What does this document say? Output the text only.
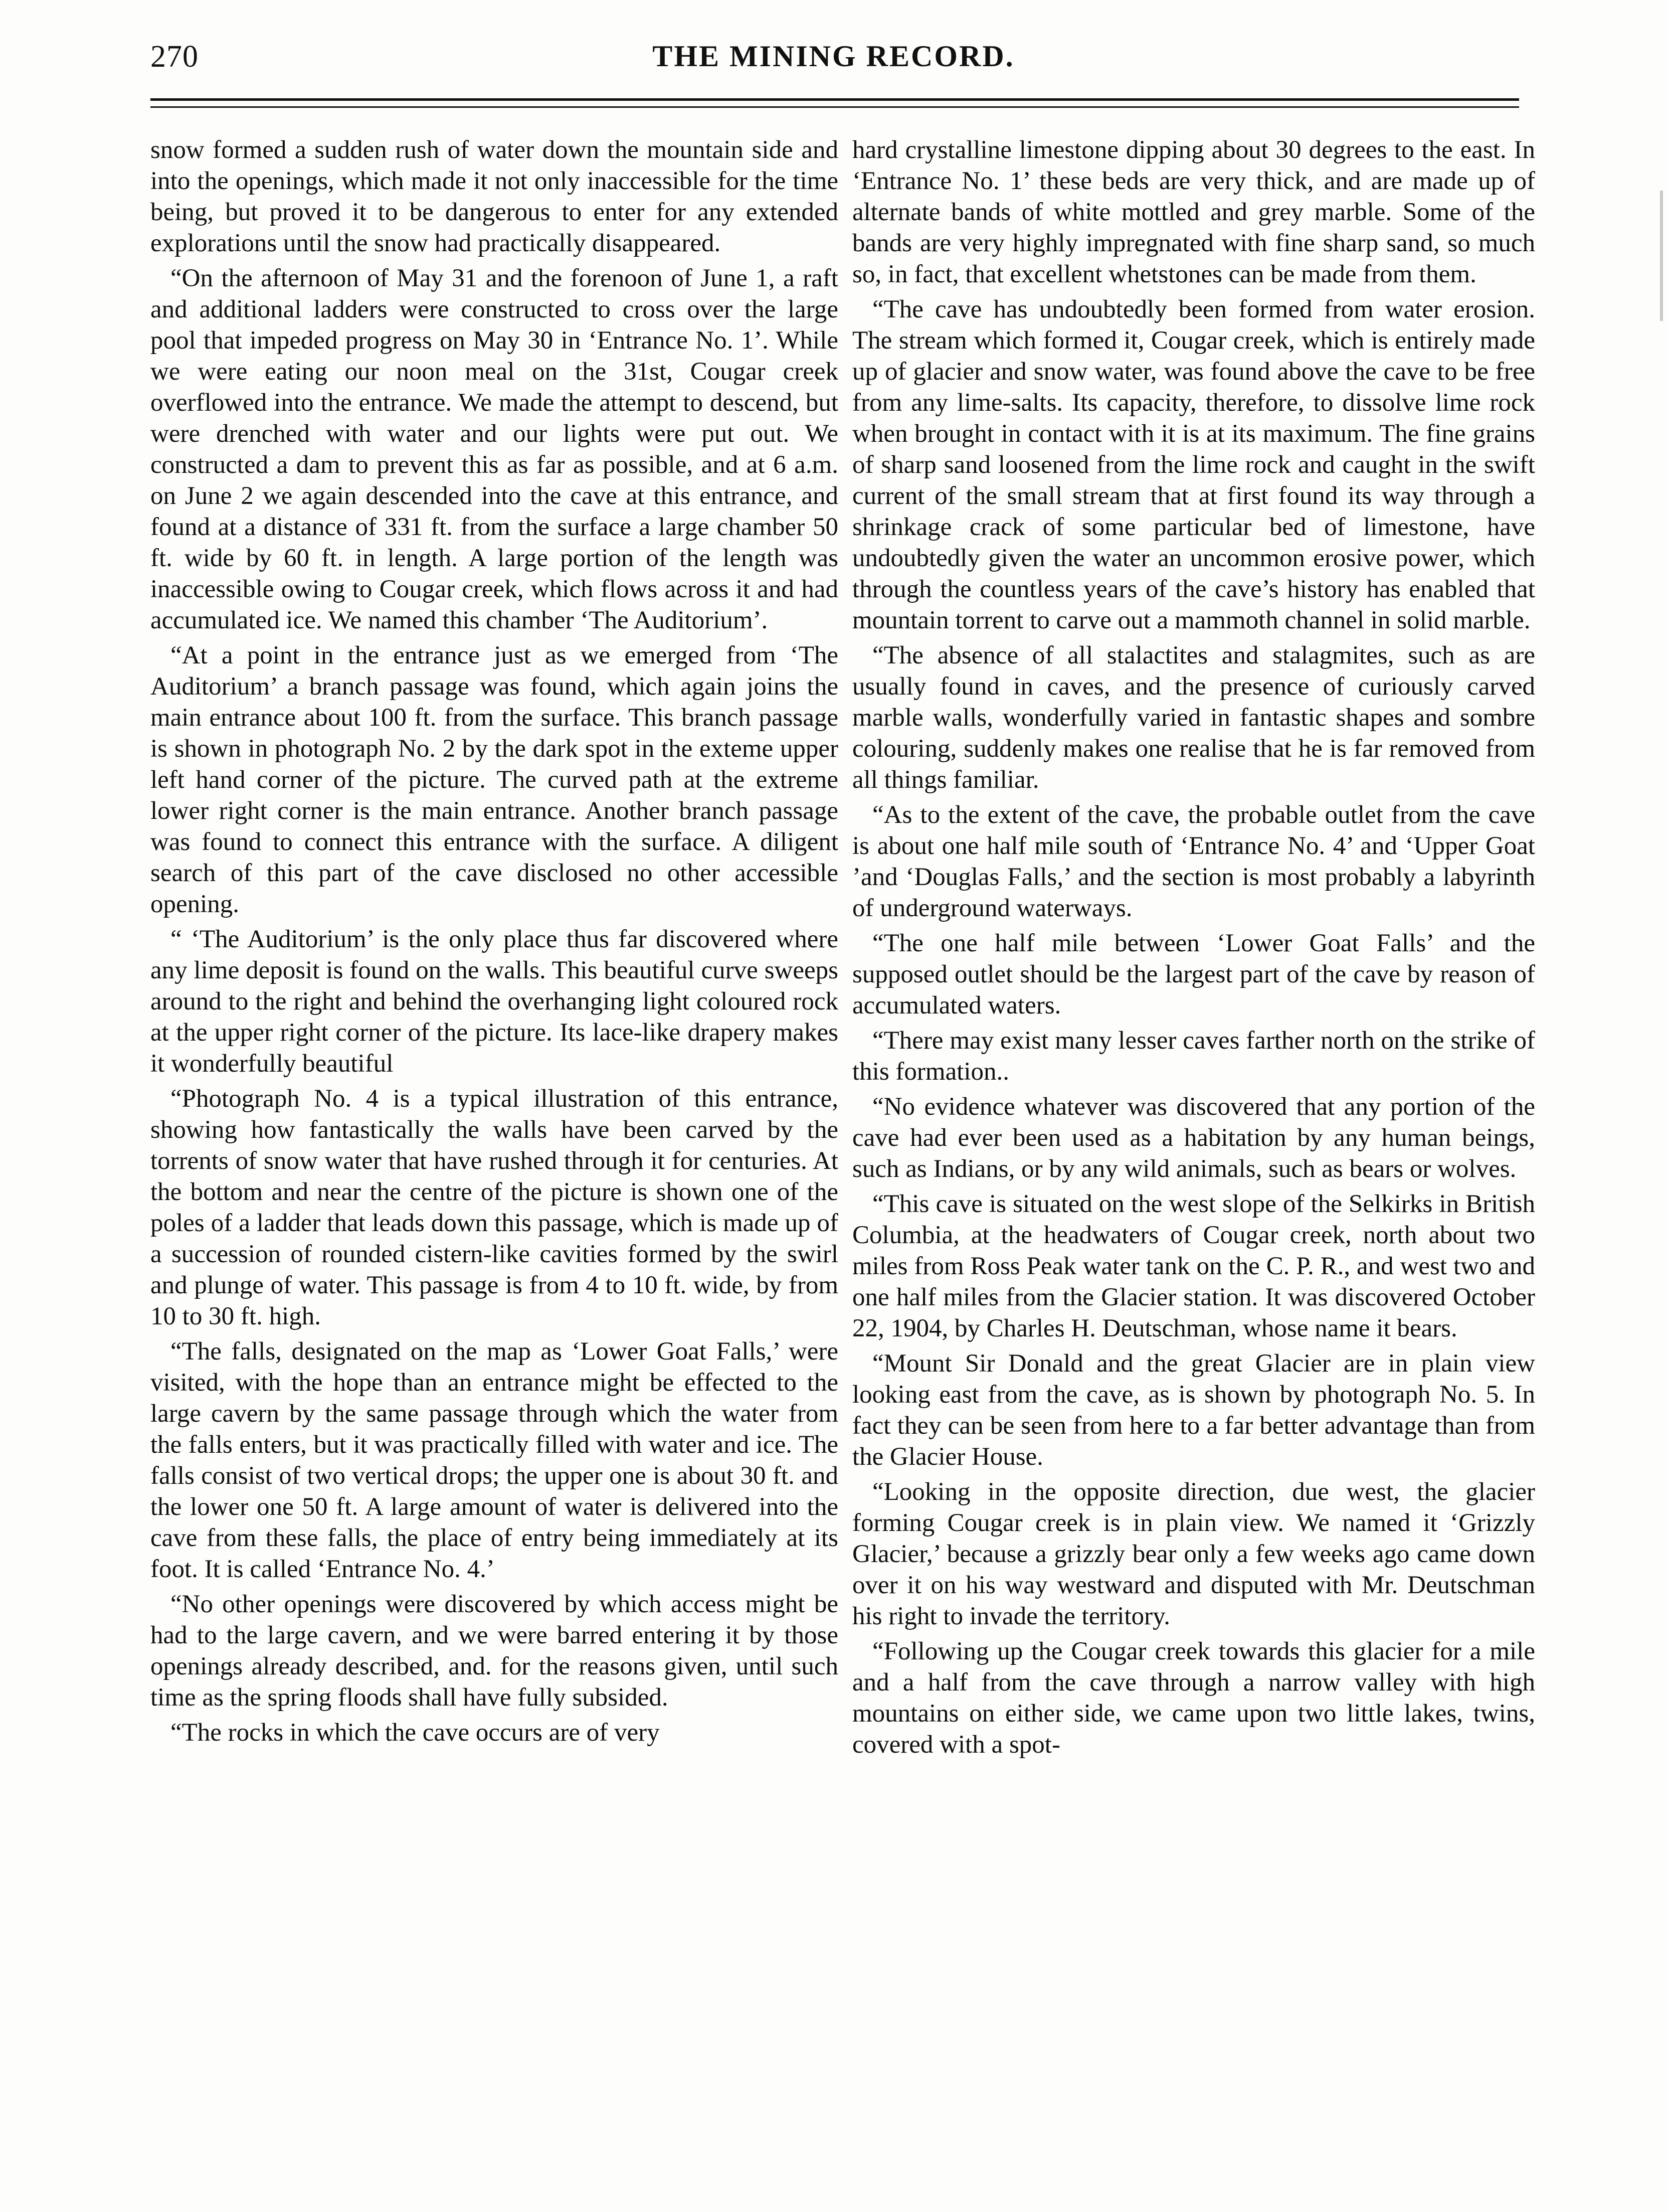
270	THE MINING RECORD.

snow formed a sudden rush of water down the mountain side and into the openings, which made it not only inaccessible for the time being, but proved it to be dangerous to enter for any extended explorations until the snow had practically disappeared.

“On the afternoon of May 31 and the forenoon of June 1, a raft and additional ladders were constructed to cross over the large pool that impeded progress on May 30 in ‘Entrance No. 1’. While we were eating our noon meal on the 31st, Cougar creek overflowed into the entrance. We made the attempt to descend, but were drenched with water and our lights were put out. We constructed a dam to prevent this as far as possible, and at 6 a.m. on June 2 we again descended into the cave at this entrance, and found at a distance of 331 ft. from the surface a large chamber 50 ft. wide by 60 ft. in length. A large portion of the length was inaccessible owing to Cougar creek, which flows across it and had accumulated ice. We named this chamber ‘The Auditorium’.

“At a point in the entrance just as we emerged from ‘The Auditorium’ a branch passage was found, which again joins the main entrance about 100 ft. from the surface. This branch passage is shown in photograph No. 2 by the dark spot in the exteme upper left hand corner of the picture. The curved path at the extreme lower right corner is the main entrance. Another branch passage was found to connect this entrance with the surface. A diligent search of this part of the cave disclosed no other accessible opening.

“ ‘The Auditorium’ is the only place thus far discovered where any lime deposit is found on the walls. This beautiful curve sweeps around to the right and behind the overhanging light coloured rock at the upper right corner of the picture. Its lace-like drapery makes it wonderfully beautiful

“Photograph No. 4 is a typical illustration of this entrance, showing how fantastically the walls have been carved by the torrents of snow water that have rushed through it for centuries. At the bottom and near the centre of the picture is shown one of the poles of a ladder that leads down this passage, which is made up of a succession of rounded cistern-like cavities formed by the swirl and plunge of water. This passage is from 4 to 10 ft. wide, by from 10 to 30 ft. high.

“The falls, designated on the map as ‘Lower Goat Falls,’ were visited, with the hope than an entrance might be effected to the large cavern by the same passage through which the water from the falls enters, but it was practically filled with water and ice. The falls consist of two vertical drops; the upper one is about 30 ft. and the lower one 50 ft. A large amount of water is delivered into the cave from these falls, the place of entry being immediately at its foot. It is called ‘Entrance No. 4.’

“No other openings were discovered by which access might be had to the large cavern, and we were barred entering it by those openings already described, and. for the reasons given, until such time as the spring floods shall have fully subsided.

“The rocks in which the cave occurs are of very

hard crystalline limestone dipping about 30 degrees to the east. In ‘Entrance No. 1’ these beds are very thick, and are made up of alternate bands of white mottled and grey marble. Some of the bands are very highly impregnated with fine sharp sand, so much so, in fact, that excellent whetstones can be made from them.

“The cave has undoubtedly been formed from water erosion. The stream which formed it, Cougar creek, which is entirely made up of glacier and snow water, was found above the cave to be free from any lime-salts. Its capacity, therefore, to dissolve lime rock when brought in contact with it is at its maximum. The fine grains of sharp sand loosened from the lime rock and caught in the swift current of the small stream that at first found its way through a shrinkage crack of some particular bed of limestone, have undoubtedly given the water an uncommon erosive power, which through the countless years of the cave’s history has enabled that mountain torrent to carve out a mammoth channel in solid marble.

“The absence of all stalactites and stalagmites, such as are usually found in caves, and the presence of curiously carved marble walls, wonderfully varied in fantastic shapes and sombre colouring, suddenly makes one realise that he is far removed from all things familiar.

“As to the extent of the cave, the probable outlet from the cave is about one half mile south of ‘Entrance No. 4’ and ‘Upper Goat ’and ‘Douglas Falls,’ and the section is most probably a labyrinth of underground waterways.

“The one half mile between ‘Lower Goat Falls’ and the supposed outlet should be the largest part of the cave by reason of accumulated waters.

“There may exist many lesser caves farther north on the strike of this formation..

“No evidence whatever was discovered that any portion of the cave had ever been used as a habitation by any human beings, such as Indians, or by any wild animals, such as bears or wolves.

“This cave is situated on the west slope of the Selkirks in British Columbia, at the headwaters of Cougar creek, north about two miles from Ross Peak water tank on the C. P. R., and west two and one half miles from the Glacier station. It was discovered October 22, 1904, by Charles H. Deutschman, whose name it bears.

“Mount Sir Donald and the great Glacier are in plain view looking east from the cave, as is shown by photograph No. 5. In fact they can be seen from here to a far better advantage than from the Glacier House.

“Looking in the opposite direction, due west, the glacier forming Cougar creek is in plain view. We named it ‘Grizzly Glacier,’ because a grizzly bear only a few weeks ago came down over it on his way westward and disputed with Mr. Deutschman his right to invade the territory.

“Following up the Cougar creek towards this glacier for a mile and a half from the cave through a narrow valley with high mountains on either side, we came upon two little lakes, twins, covered with a spot-
